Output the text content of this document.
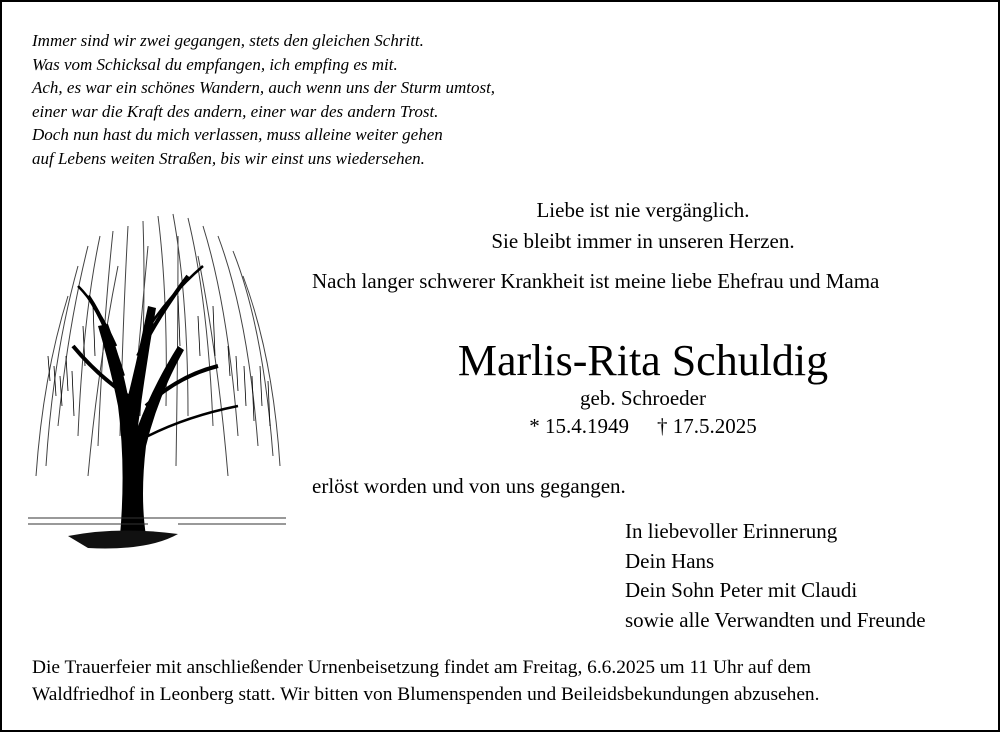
Immer sind wir zwei gegangen, stets den gleichen Schritt.
Was vom Schicksal du empfangen, ich empfing es mit.
Ach, es war ein schönes Wandern, auch wenn uns der Sturm umtost,
einer war die Kraft des andern, einer war des andern Trost.
Doch nun hast du mich verlassen, muss alleine weiter gehen
auf Lebens weiten Straßen, bis wir einst uns wiedersehen.
Liebe ist nie vergänglich.
Sie bleibt immer in unseren Herzen.
Nach langer schwerer Krankheit ist meine liebe Ehefrau und Mama
Marlis-Rita Schuldig
geb. Schroeder
* 15.4.1949 † 17.5.2025
erlöst worden und von uns gegangen.
In liebevoller Erinnerung
Dein Hans
Dein Sohn Peter mit Claudi
sowie alle Verwandten und Freunde
Die Trauerfeier mit anschließender Urnenbeisetzung findet am Freitag, 6.6.2025 um 11 Uhr auf dem
Waldfriedhof in Leonberg statt. Wir bitten von Blumenspenden und Beileidsbekundungen abzusehen.
